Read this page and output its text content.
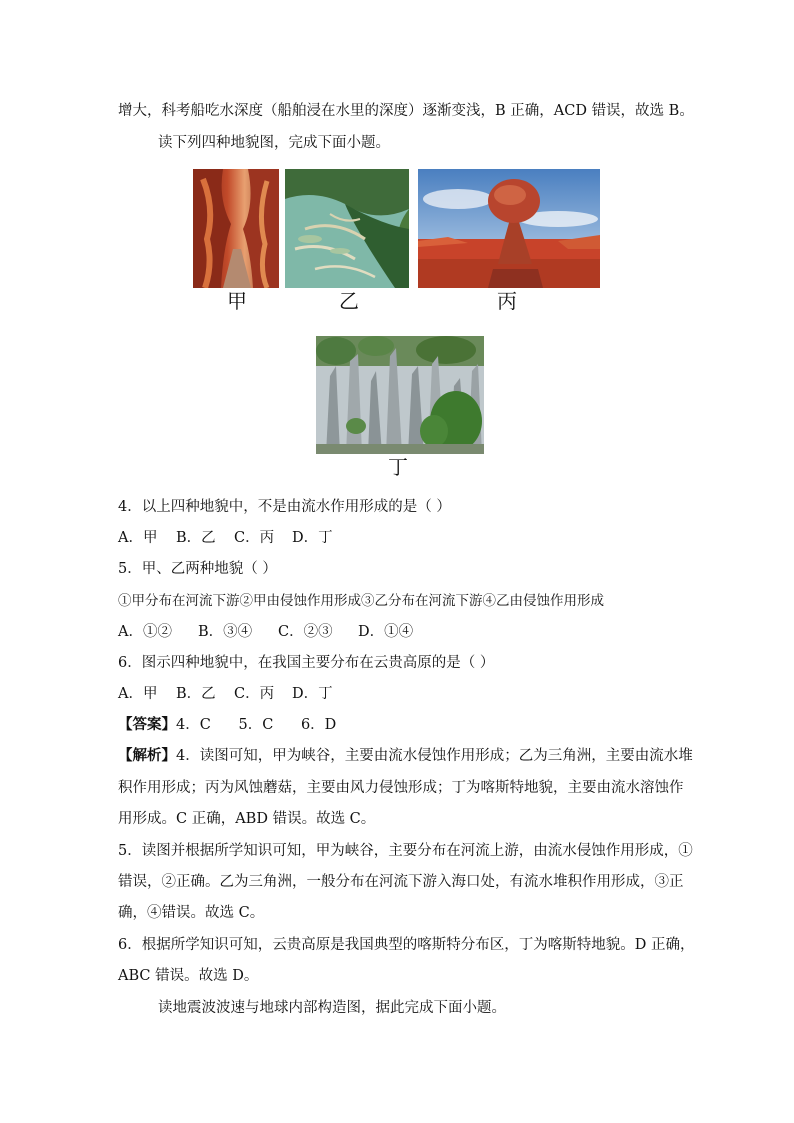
增大，科考船吃水深度（船舶浸在水里的深度）逐渐变浅，B 正确，ACD 错误，故选 B。
读下列四种地貌图，完成下面小题。
甲	乙	丙
丁
4．以上四种地貌中，不是由流水作用形成的是（ ）
A．甲 B．乙 C．丙 D．丁
5．甲、乙两种地貌（ ）
①甲分布在河流下游②甲由侵蚀作用形成③乙分布在河流下游④乙由侵蚀作用形成
A．①② B．③④ C．②③ D．①④
6．图示四种地貌中，在我国主要分布在云贵高原的是（ ）
A．甲 B．乙 C．丙 D．丁
【答案】4．C      5．C      6．D
【解析】4．读图可知，甲为峡谷，主要由流水侵蚀作用形成；乙为三角洲，主要由流水堆
积作用形成；丙为风蚀蘑菇，主要由风力侵蚀形成；丁为喀斯特地貌，主要由流水溶蚀作
用形成。C 正确，ABD 错误。故选 C。
5．读图并根据所学知识可知，甲为峡谷，主要分布在河流上游，由流水侵蚀作用形成，①
错误，②正确。乙为三角洲，一般分布在河流下游入海口处，有流水堆积作用形成，③正
确，④错误。故选 C。
6．根据所学知识可知，云贵高原是我国典型的喀斯特分布区，丁为喀斯特地貌。D 正确，
ABC 错误。故选 D。
读地震波波速与地球内部构造图，据此完成下面小题。
